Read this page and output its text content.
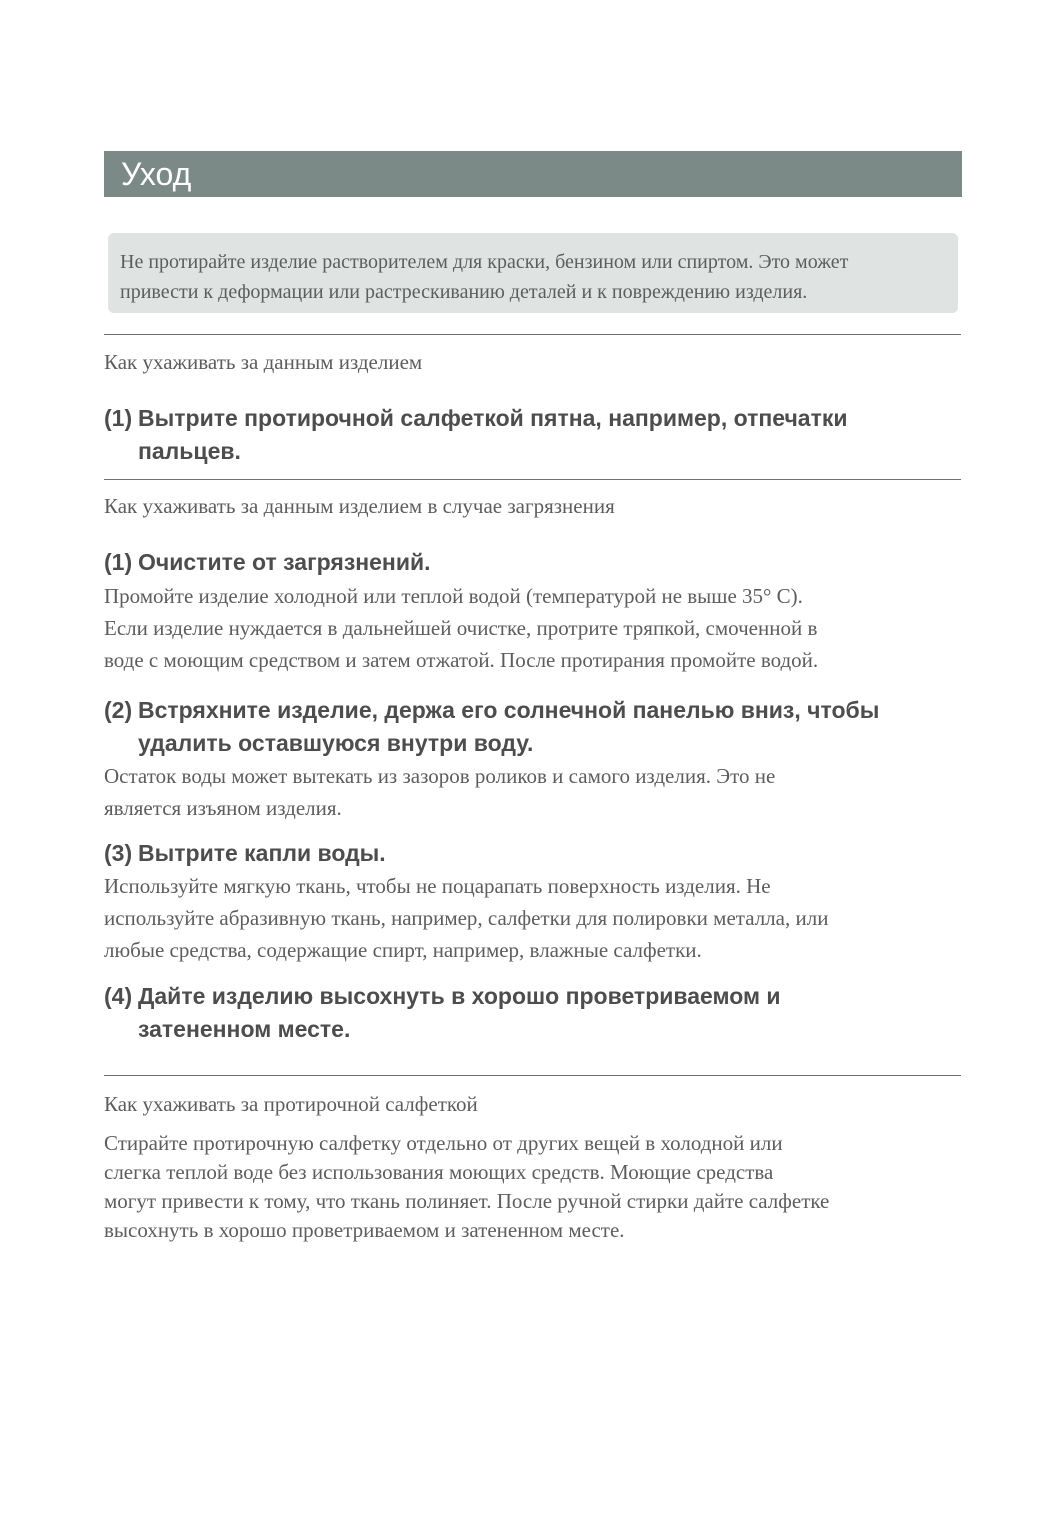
Уход
Не протирайте изделие растворителем для краски, бензином или спиртом. Это может
привести к деформации или растрескиванию деталей и к повреждению изделия.
Как ухаживать за данным изделием
(1) Вытрите протирочной салфеткой пятна, например, отпечатки
пальцев.
Как ухаживать за данным изделием в случае загрязнения
(1) Очистите от загрязнений.
Промойте изделие холодной или теплой водой (температурой не выше 35° C).
Если изделие нуждается в дальнейшей очистке, протрите тряпкой, смоченной в
воде с моющим средством и затем отжатой. После протирания промойте водой.
(2) Встряхните изделие, держа его солнечной панелью вниз, чтобы
удалить оставшуюся внутри воду.
Остаток воды может вытекать из зазоров роликов и самого изделия. Это не
является изъяном изделия.
(3) Вытрите капли воды.
Используйте мягкую ткань, чтобы не поцарапать поверхность изделия. Не
используйте абразивную ткань, например, салфетки для полировки металла, или
любые средства, содержащие спирт, например, влажные салфетки.
(4) Дайте изделию высохнуть в хорошо проветриваемом и
затененном месте.
Как ухаживать за протирочной салфеткой
Стирайте протирочную салфетку отдельно от других вещей в холодной или
слегка теплой воде без использования моющих средств. Моющие средства
могут привести к тому, что ткань полиняет. После ручной стирки дайте салфетке
высохнуть в хорошо проветриваемом и затененном месте.
